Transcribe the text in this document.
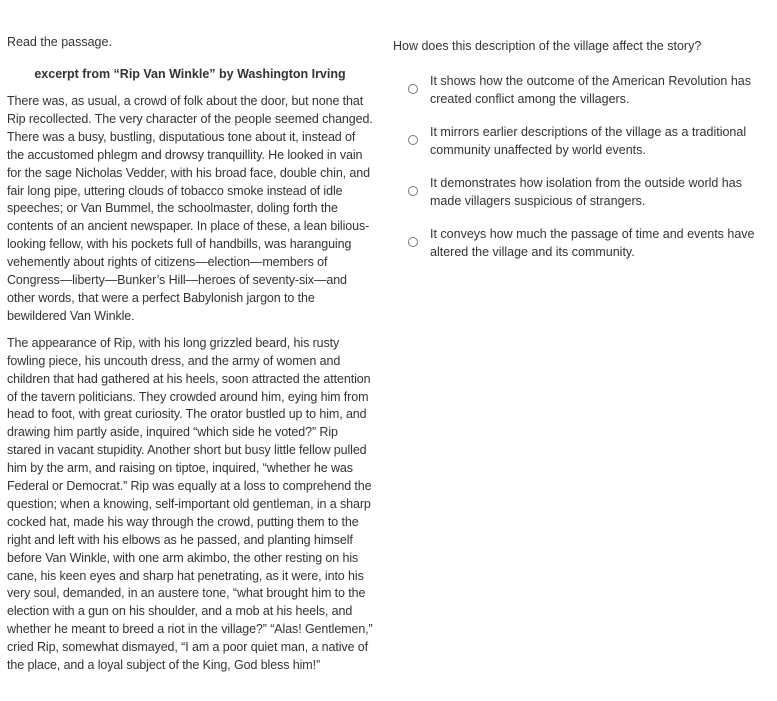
Read the passage.

excerpt from “Rip Van Winkle” by Washington Irving

There was, as usual, a crowd of folk about the door, but none that Rip recollected. The very character of the people seemed changed. There was a busy, bustling, disputatious tone about it, instead of the accustomed phlegm and drowsy tranquillity. He looked in vain for the sage Nicholas Vedder, with his broad face, double chin, and fair long pipe, uttering clouds of tobacco smoke instead of idle speeches; or Van Bummel, the schoolmaster, doling forth the contents of an ancient newspaper. In place of these, a lean bilious-looking fellow, with his pockets full of handbills, was haranguing vehemently about rights of citizens—election—members of Congress—liberty—Bunker’s Hill—heroes of seventy-six—and other words, that were a perfect Babylonish jargon to the bewildered Van Winkle.

The appearance of Rip, with his long grizzled beard, his rusty fowling piece, his uncouth dress, and the army of women and children that had gathered at his heels, soon attracted the attention of the tavern politicians. They crowded around him, eying him from head to foot, with great curiosity. The orator bustled up to him, and drawing him partly aside, inquired “which side he voted?” Rip stared in vacant stupidity. Another short but busy little fellow pulled him by the arm, and raising on tiptoe, inquired, “whether he was Federal or Democrat.” Rip was equally at a loss to comprehend the question; when a knowing, self-important old gentleman, in a sharp cocked hat, made his way through the crowd, putting them to the right and left with his elbows as he passed, and planting himself before Van Winkle, with one arm akimbo, the other resting on his cane, his keen eyes and sharp hat penetrating, as it were, into his very soul, demanded, in an austere tone, “what brought him to the election with a gun on his shoulder, and a mob at his heels, and whether he meant to breed a riot in the village?” “Alas! Gentlemen,” cried Rip, somewhat dismayed, “I am a poor quiet man, a native of the place, and a loyal subject of the King, God bless him!”

How does this description of the village affect the story?

It shows how the outcome of the American Revolution has created conflict among the villagers.
It mirrors earlier descriptions of the village as a traditional community unaffected by world events.
It demonstrates how isolation from the outside world has made villagers suspicious of strangers.
It conveys how much the passage of time and events have altered the village and its community.
